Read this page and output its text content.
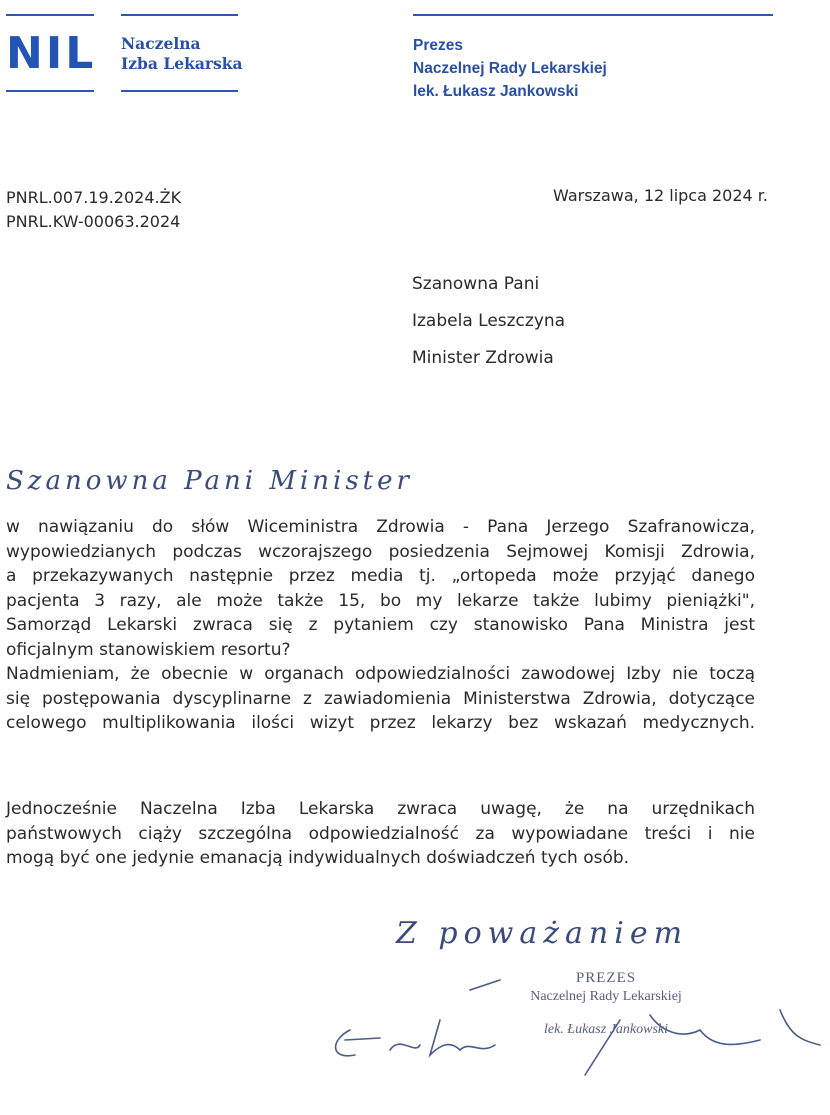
NIL Naczelna
Izba Lekarska
Prezes
Naczelnej Rady Lekarskiej
lek. Łukasz Jankowski
PNRL.007.19.2024.ŻK
PNRL.KW-00063.2024
Warszawa, 12 lipca 2024 r.
Szanowna Pani
Izabela Leszczyna
Minister Zdrowia
Szanowna Pani Minister
w nawiązaniu do słów Wiceministra Zdrowia - Pana Jerzego Szafranowicza,
wypowiedzianych podczas wczorajszego posiedzenia Sejmowej Komisji Zdrowia,
a przekazywanych następnie przez media tj. „ortopeda może przyjąć danego
pacjenta 3 razy, ale może także 15, bo my lekarze także lubimy pieniążki",
Samorząd Lekarski zwraca się z pytaniem czy stanowisko Pana Ministra jest
oficjalnym stanowiskiem resortu?
Nadmieniam, że obecnie w organach odpowiedzialności zawodowej Izby nie toczą
się postępowania dyscyplinarne z zawiadomienia Ministerstwa Zdrowia, dotyczące
celowego multiplikowania ilości wizyt przez lekarzy bez wskazań medycznych.
Jednocześnie Naczelna Izba Lekarska zwraca uwagę, że na urzędnikach
państwowych ciąży szczególna odpowiedzialność za wypowiadane treści i nie
mogą być one jedynie emanacją indywidualnych doświadczeń tych osób.
Z poważaniem
PREZES
Naczelnej Rady Lekarskiej
lek. Łukasz Jankowski
